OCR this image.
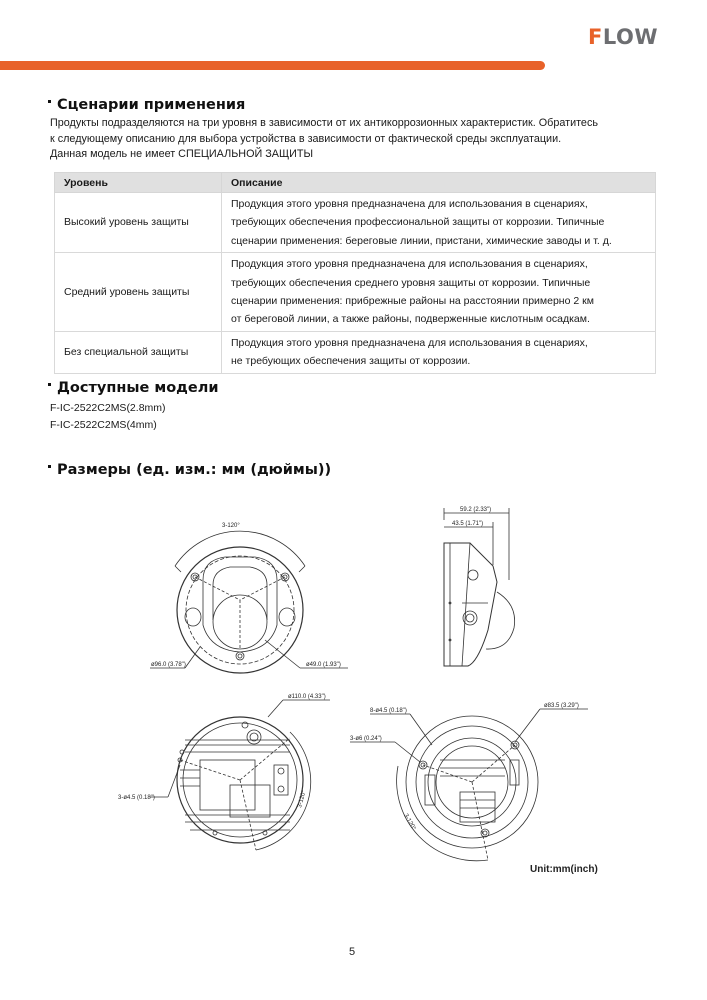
FLOW
Сценарии применения
Продукты подразделяются на три уровня в зависимости от их антикоррозионных характеристик. Обратитесь
к следующему описанию для выбора устройства в зависимости от фактической среды эксплуатации.
Данная модель не имеет СПЕЦИАЛЬНОЙ ЗАЩИТЫ
Уровень	Описание
Высокий уровень защиты	Продукция этого уровня предназначена для использования в сценариях,
требующих обеспечения профессиональной защиты от коррозии. Типичные
сценарии применения: береговые линии, пристани, химические заводы и т. д.

Средний уровень защиты	Продукция этого уровня предназначена для использования в сценариях,
требующих обеспечения среднего уровня защиты от коррозии. Типичные
сценарии применения: прибрежные районы на расстоянии примерно 2 км
от береговой линии, а также районы, подверженные кислотным осадкам.

Без специальной защиты	Продукция этого уровня предназначена для использования в сценариях,
не требующих обеспечения защиты от коррозии.
Доступные модели
F-IC-2522C2MS(2.8mm)
F-IC-2522C2MS(4mm)
Размеры (ед. изм.: мм (дюймы))
3-120°
ø96.0 (3.78")	ø49.0 (1.93")
59.2 (2.33")
43.5 (1.71")
ø110.0 (4.33")
3-ø4.5 (0.18")	3-120°
8-ø4.5 (0.18")
3-ø6 (0.24")
ø83.5 (3.29")
3-120°
Unit:mm(inch)
5
